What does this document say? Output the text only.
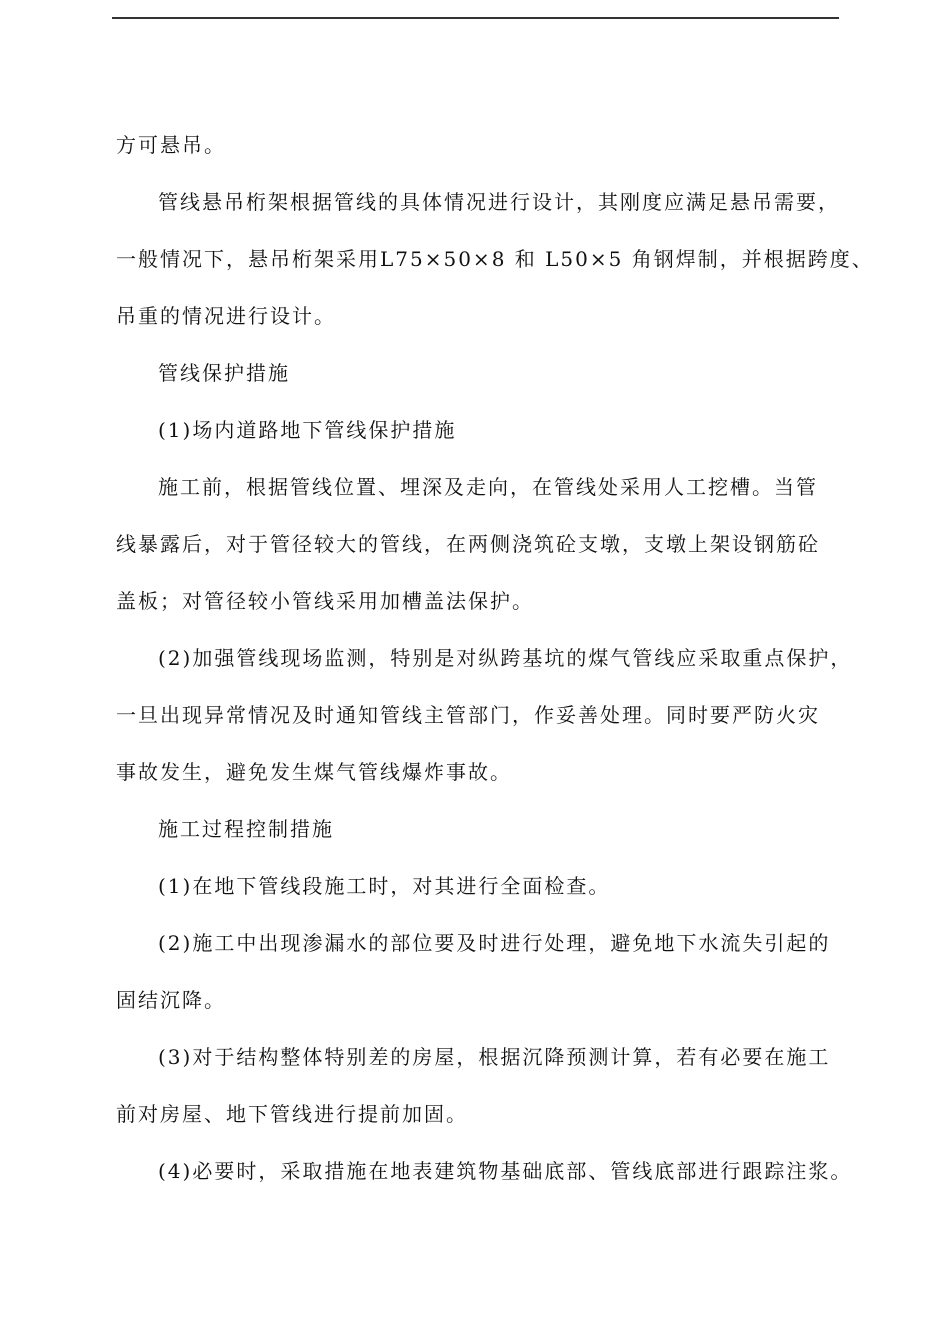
方可悬吊。
管线悬吊桁架根据管线的具体情况进行设计，其刚度应满足悬吊需要，
一般情况下，悬吊桁架采用L75×50×8 和 L50×5 角钢焊制，并根据跨度、
吊重的情况进行设计。
管线保护措施
(1)场内道路地下管线保护措施
施工前，根据管线位置、埋深及走向，在管线处采用人工挖槽。当管
线暴露后，对于管径较大的管线，在两侧浇筑砼支墩，支墩上架设钢筋砼
盖板；对管径较小管线采用加槽盖法保护。
(2)加强管线现场监测，特别是对纵跨基坑的煤气管线应采取重点保护，
一旦出现异常情况及时通知管线主管部门，作妥善处理。同时要严防火灾
事故发生，避免发生煤气管线爆炸事故。
施工过程控制措施
(1)在地下管线段施工时，对其进行全面检查。
(2)施工中出现渗漏水的部位要及时进行处理，避免地下水流失引起的
固结沉降。
(3)对于结构整体特别差的房屋，根据沉降预测计算，若有必要在施工
前对房屋、地下管线进行提前加固。
(4)必要时，采取措施在地表建筑物基础底部、管线底部进行跟踪注浆。
